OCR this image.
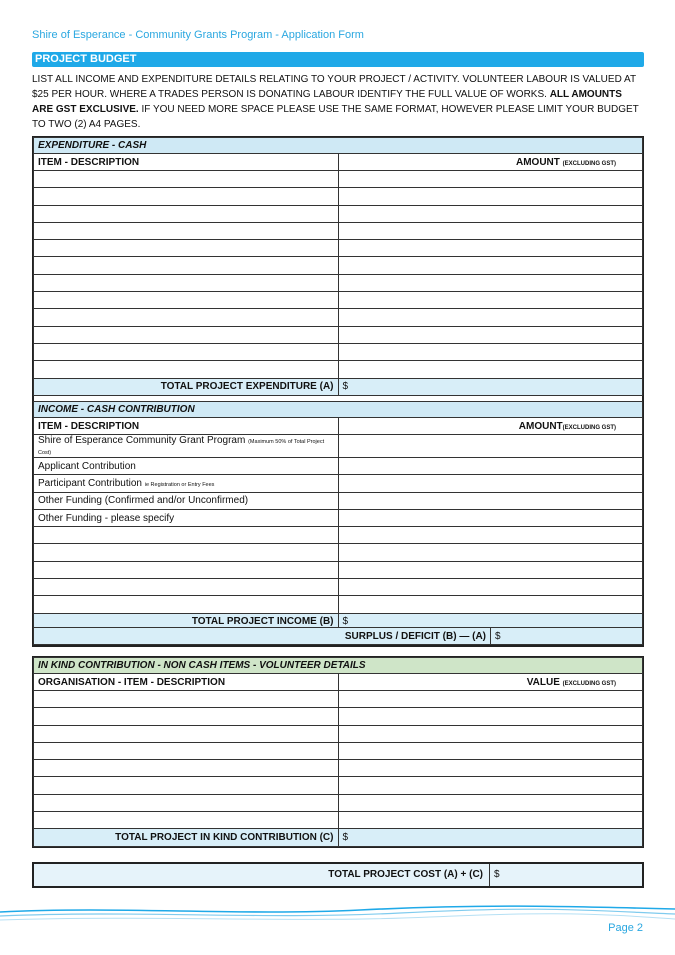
Shire of Esperance - Community Grants Program - Application Form
PROJECT BUDGET
LIST ALL INCOME AND EXPENDITURE DETAILS RELATING TO YOUR PROJECT / ACTIVITY. VOLUNTEER LABOUR IS VALUED AT $25 PER HOUR. WHERE A TRADES PERSON IS DONATING LABOUR IDENTIFY THE FULL VALUE OF WORKS. ALL AMOUNTS ARE GST EXCLUSIVE. IF YOU NEED MORE SPACE PLEASE USE THE SAME FORMAT, HOWEVER PLEASE LIMIT YOUR BUDGET TO TWO (2) A4 PAGES.
EXPENDITURE - CASH	
ITEM - DESCRIPTION	AMOUNT (EXCLUDING GST)

TOTAL PROJECT EXPENDITURE (A)	$
INCOME - CASH CONTRIBUTION	
ITEM - DESCRIPTION	AMOUNT(EXCLUDING GST)
Shire of Esperance Community Grant Program (Maximum 50% of Total Project Cost)	
Applicant Contribution	
Participant Contribution ie Registration or Entry Fees	
Other Funding (Confirmed and/or Unconfirmed)	
Other Funding - please specify	

TOTAL PROJECT INCOME (B)	$
SURPLUS / DEFICIT (B) — (A)	$
IN KIND CONTRIBUTION - NON CASH ITEMS - VOLUNTEER DETAILS	
ORGANISATION - ITEM - DESCRIPTION	VALUE (EXCLUDING GST)

TOTAL PROJECT IN KIND CONTRIBUTION (C)	$
TOTAL PROJECT COST (A) + (C)	$
Page 2
